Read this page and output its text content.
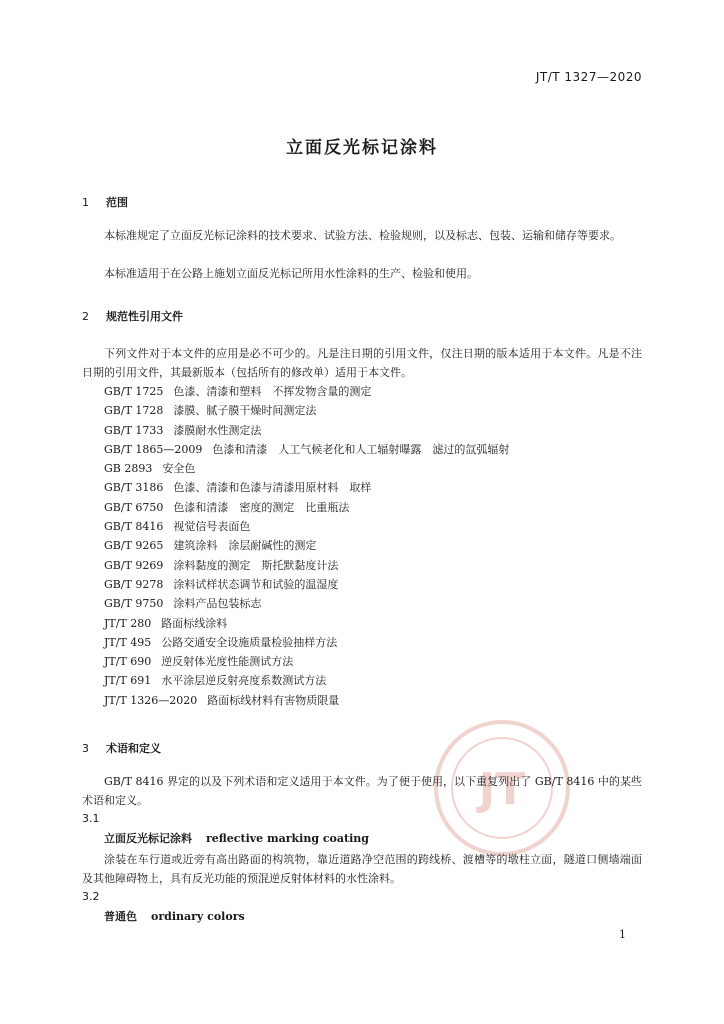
JT/T 1327—2020
立面反光标记涂料
1 范围
本标准规定了立面反光标记涂料的技术要求、试验方法、检验规则，以及标志、包装、运输和储存等要求。
本标准适用于在公路上施划立面反光标记所用水性涂料的生产、检验和使用。
2 规范性引用文件
下列文件对于本文件的应用是必不可少的。凡是注日期的引用文件，仅注日期的版本适用于本文件。凡是不注日期的引用文件，其最新版本（包括所有的修改单）适用于本文件。
GB/T 1725 色漆、清漆和塑料　不挥发物含量的测定
GB/T 1728 漆膜、腻子膜干燥时间测定法
GB/T 1733 漆膜耐水性测定法
GB/T 1865—2009 色漆和清漆　人工气候老化和人工辐射曝露　滤过的氙弧辐射
GB 2893 安全色
GB/T 3186 色漆、清漆和色漆与清漆用原材料　取样
GB/T 6750 色漆和清漆　密度的测定　比重瓶法
GB/T 8416 视觉信号表面色
GB/T 9265 建筑涂料　涂层耐碱性的测定
GB/T 9269 涂料黏度的测定　斯托默黏度计法
GB/T 9278 涂料试样状态调节和试验的温湿度
GB/T 9750 涂料产品包装标志
JT/T 280 路面标线涂料
JT/T 495 公路交通安全设施质量检验抽样方法
JT/T 690 逆反射体光度性能测试方法
JT/T 691 水平涂层逆反射亮度系数测试方法
JT/T 1326—2020 路面标线材料有害物质限量
JT
3 术语和定义
GB/T 8416 界定的以及下列术语和定义适用于本文件。为了便于使用，以下重复列出了 GB/T 8416 中的某些术语和定义。
3.1
立面反光标记涂料 reflective marking coating
涂装在车行道或近旁有高出路面的构筑物，靠近道路净空范围的跨线桥、渡槽等的墩柱立面，隧道口侧墙端面及其他障碍物上，具有反光功能的预混逆反射体材料的水性涂料。
3.2
普通色 ordinary colors
1
